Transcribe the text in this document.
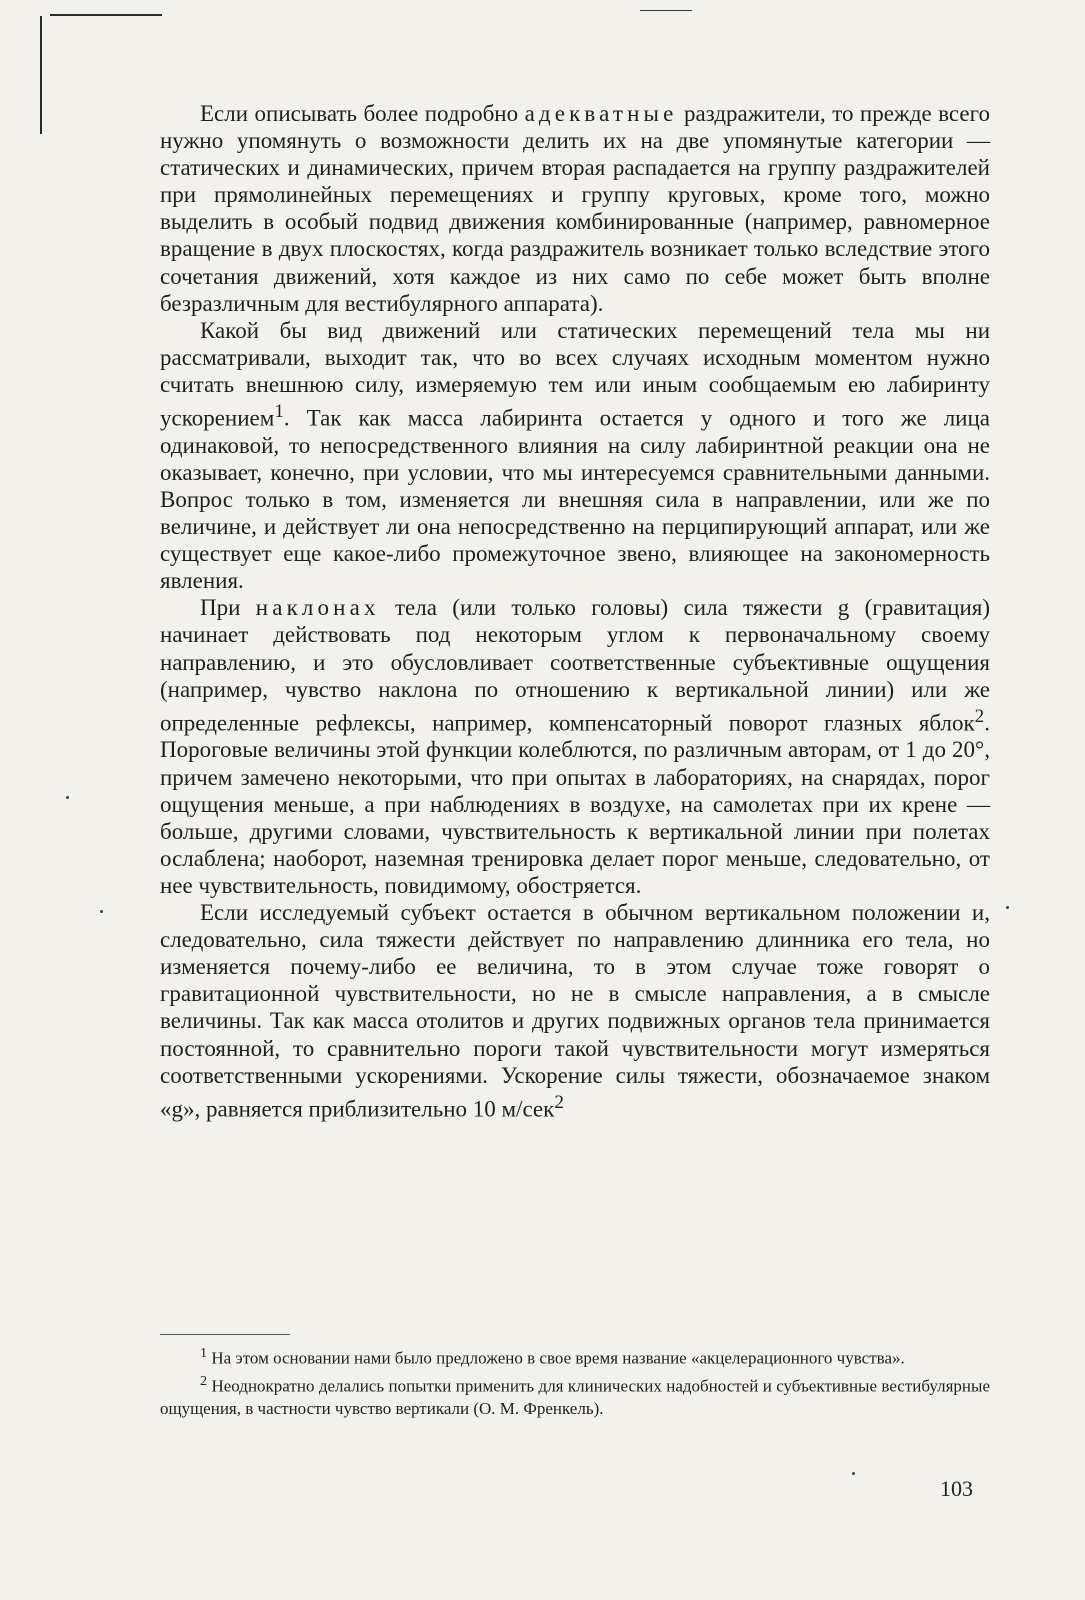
Если описывать более подробно адекватные раздражители, то прежде всего нужно упомянуть о возможности делить их на две упомянутые категории — статических и динамических, причем вторая распадается на группу раздражителей при прямолинейных перемещениях и группу круговых, кроме того, можно выделить в особый подвид движения комбинированные (например, равномерное вращение в двух плоскостях, когда раздражитель возникает только вследствие этого сочетания движений, хотя каждое из них само по себе может быть вполне безразличным для вестибулярного аппарата).

Какой бы вид движений или статических перемещений тела мы ни рассматривали, выходит так, что во всех случаях исходным моментом нужно считать внешнюю силу, измеряемую тем или иным сообщаемым ею лабиринту ускорением$^1$. Так как масса лабиринта остается у одного и того же лица одинаковой, то непосредственного влияния на силу лабиринтной реакции она не оказывает, конечно, при условии, что мы интересуемся сравнительными данными. Вопрос только в том, изменяется ли внешняя сила в направлении, или же по величине, и действует ли она непосредственно на перципирующий аппарат, или же существует еще какое-либо промежуточное звено, влияющее на закономерность явления.

При наклонах тела (или только головы) сила тяжести g (гравитация) начинает действовать под некоторым углом к первоначальному своему направлению, и это обусловливает соответственные субъективные ощущения (например, чувство наклона по отношению к вертикальной линии) или же определенные рефлексы, например, компенсаторный поворот глазных яблок$^2$. Пороговые величины этой функции колеблются, по различным авторам, от 1 до 20°, причем замечено некоторыми, что при опытах в лабораториях, на снарядах, порог ощущения меньше, а при наблюдениях в воздухе, на самолетах при их крене — больше, другими словами, чувствительность к вертикальной линии при полетах ослаблена; наоборот, наземная тренировка делает порог меньше, следовательно, от нее чувствительность, повидимому, обостряется.

Если исследуемый субъект остается в обычном вертикальном положении и, следовательно, сила тяжести действует по направлению длинника его тела, но изменяется почему-либо ее величина, то в этом случае тоже говорят о гравитационной чувствительности, но не в смысле направления, а в смысле величины. Так как масса отолитов и других подвижных органов тела принимается постоянной, то сравнительно пороги такой чувствительности могут измеряться соответственными ускорениями. Ускорение силы тяжести, обозначаемое знаком «g», равняется приблизительно 10 м/сек$^2$

$^1$ На этом основании нами было предложено в свое время название «акцелерационного чувства».

$^2$ Неоднократно делались попытки применить для клинических надобностей и субъективные вестибулярные ощущения, в частности чувство вертикали (О. М. Френкель).

103
